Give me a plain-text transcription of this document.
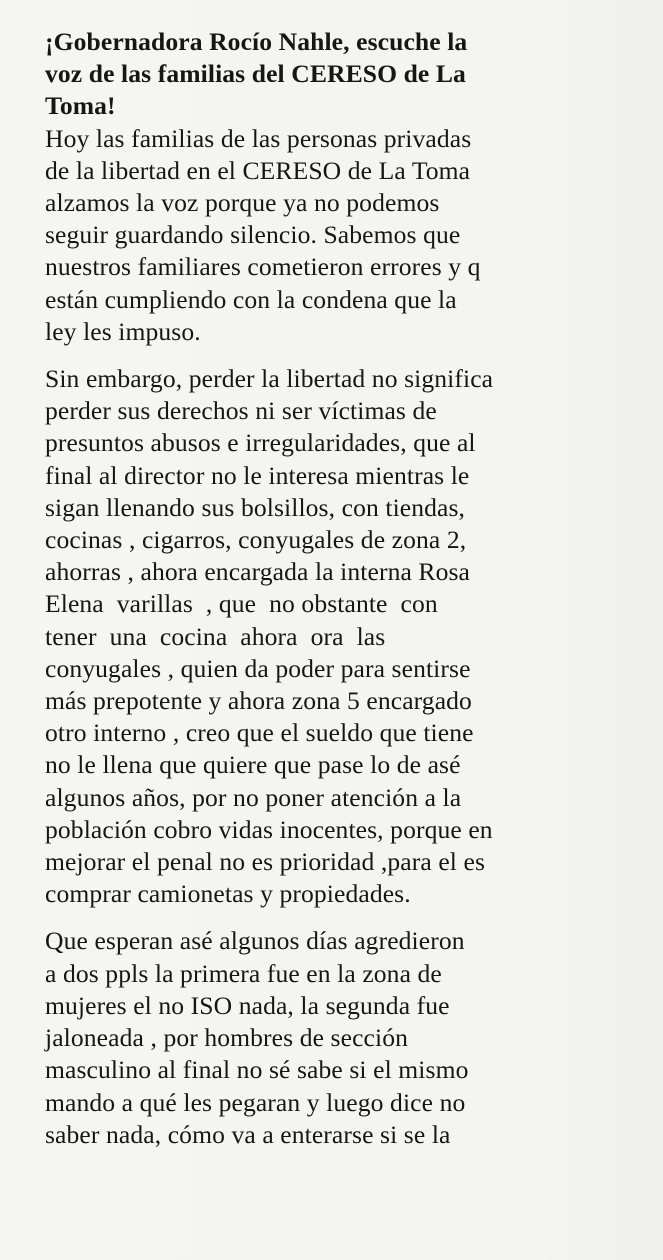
¡Gobernadora Rocío Nahle, escuche la
voz de las familias del CERESO de La
Toma!
Hoy las familias de las personas privadas
de la libertad en el CERESO de La Toma
alzamos la voz porque ya no podemos
seguir guardando silencio. Sabemos que
nuestros familiares cometieron errores y q
están cumpliendo con la condena que la
ley les impuso.
Sin embargo, perder la libertad no significa
perder sus derechos ni ser víctimas de
presuntos abusos e irregularidades, que al
final al director no le interesa mientras le
sigan llenando sus bolsillos, con tiendas,
cocinas , cigarros, conyugales de zona 2,
ahorras , ahora encargada la interna Rosa
Elena  varillas  , que  no obstante  con
tener  una  cocina  ahora  ora  las
conyugales , quien da poder para sentirse
más prepotente y ahora zona 5 encargado
otro interno , creo que el sueldo que tiene
no le llena que quiere que pase lo de asé
algunos años, por no poner atención a la
población cobro vidas inocentes, porque en
mejorar el penal no es prioridad ,para el es
comprar camionetas y propiedades.
Que esperan asé algunos días agredieron
a dos ppls la primera fue en la zona de
mujeres el no ISO nada, la segunda fue
jaloneada , por hombres de sección
masculino al final no sé sabe si el mismo
mando a qué les pegaran y luego dice no
saber nada, cómo va a enterarse si se la
